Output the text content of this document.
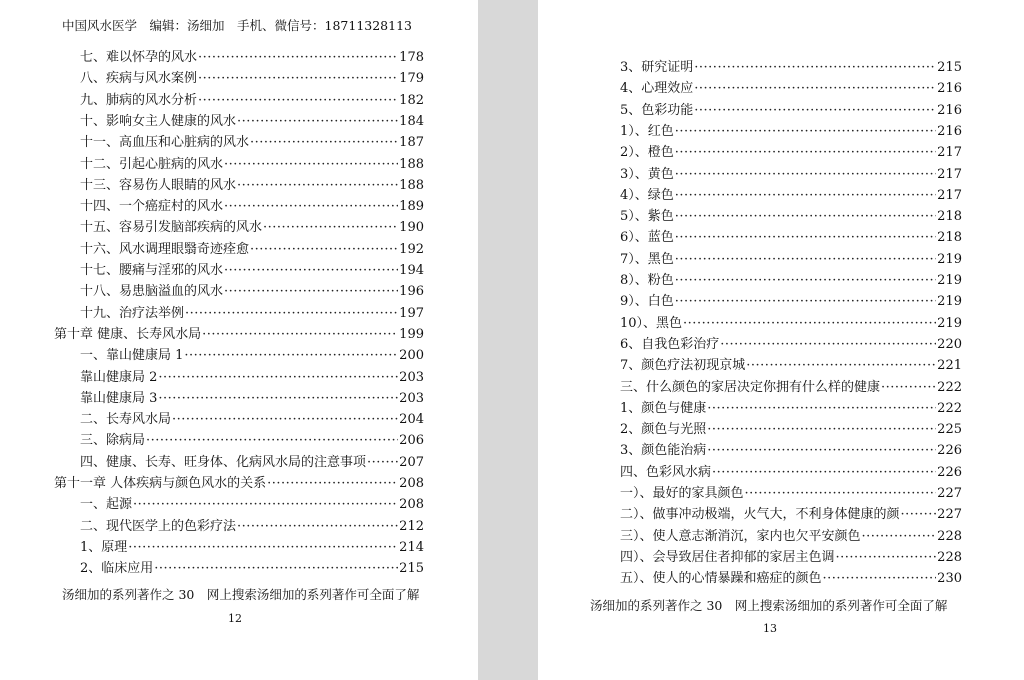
中国风水医学　编辑：汤细加　手机、微信号：18711328113
七、难以怀孕的风水 ·····	178
八、疾病与风水案例 ·····	179
九、肺病的风水分析 ·····	182
十、影响女主人健康的风水 ·····	184
十一、高血压和心脏病的风水 ·····	187
十二、引起心脏病的风水 ·····	188
十三、容易伤人眼睛的风水 ·····	188
十四、一个癌症村的风水 ·····	189
十五、容易引发脑部疾病的风水 ·····	190
十六、风水调理眼翳奇迹痊愈 ·····	192
十七、腰痛与淫邪的风水 ·····	194
十八、易患脑溢血的风水 ·····	196
十九、治疗法举例 ·····	197
第十章 健康、长寿风水局 ·····	199
一、靠山健康局 1 ·····	200
靠山健康局 2 ·····	203
靠山健康局 3 ·····	203
二、长寿风水局 ·····	204
三、除病局 ·····	206
四、健康、长寿、旺身体、化病风水局的注意事项 ·····	207
第十一章 人体疾病与颜色风水的关系 ·····	208
一、起源 ·····	208
二、现代医学上的色彩疗法 ·····	212
1、原理 ·····	214
2、临床应用 ·····	215
汤细加的系列著作之 30　网上搜索汤细加的系列著作可全面了解
12
3、研究证明 ·····	215
4、心理效应 ·····	216
5、色彩功能 ·····	216
1）、红色 ·····	216
2）、橙色 ·····	217
3）、黄色 ·····	217
4）、绿色 ·····	217
5）、紫色 ·····	218
6）、蓝色 ·····	218
7）、黑色 ·····	219
8）、粉色 ·····	219
9）、白色 ·····	219
10）、黑色 ·····	219
6、自我色彩治疗 ·····	220
7、颜色疗法初现京城 ·····	221
三、什么颜色的家居决定你拥有什么样的健康 ·····	222
1、颜色与健康 ·····	222
2、颜色与光照 ·····	225
3、颜色能治病 ·····	226
四、色彩风水病 ·····	226
一）、最好的家具颜色 ·····	227
二）、做事冲动极端，火气大，不利身体健康的颜 ·····	227
三）、使人意志渐消沉，家内也欠平安颜色 ·····	228
四）、会导致居住者抑郁的家居主色调 ·····	228
五）、使人的心情暴躁和癌症的颜色 ·····	230
汤细加的系列著作之 30　网上搜索汤细加的系列著作可全面了解
13
